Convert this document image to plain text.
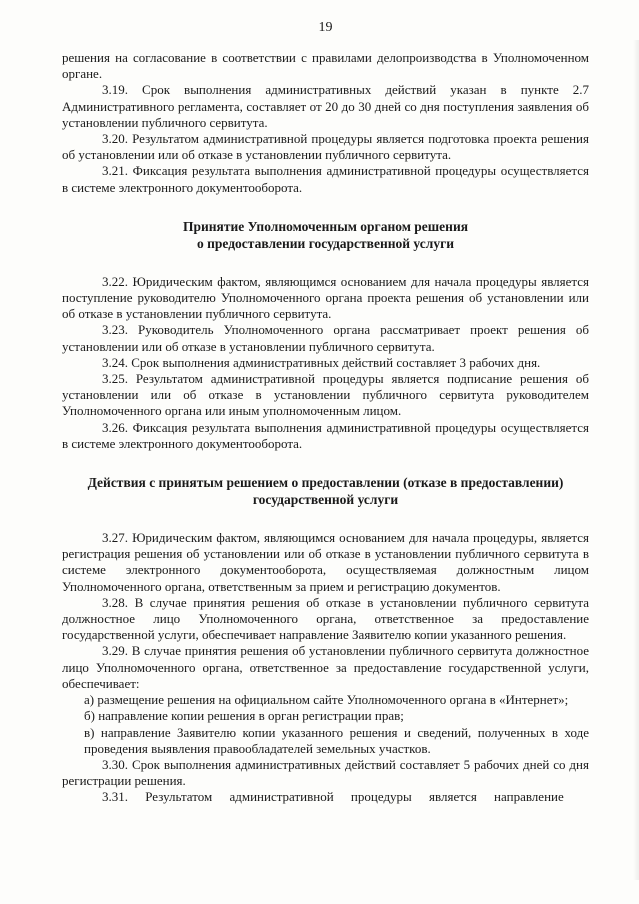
19

решения на согласование в соответствии с правилами делопроизводства в Уполномоченном органе.

3.19. Срок выполнения административных действий указан в пункте 2.7 Административного регламента, составляет от 20 до 30 дней со дня поступления заявления об установлении публичного сервитута.

3.20. Результатом административной процедуры является подготовка проекта решения об установлении или об отказе в установлении публичного сервитута.

3.21. Фиксация результата выполнения административной процедуры осуществляется в системе электронного документооборота.

Принятие Уполномоченным органом решения
о предоставлении государственной услуги

3.22. Юридическим фактом, являющимся основанием для начала процедуры является поступление руководителю Уполномоченного органа проекта решения об установлении или об отказе в установлении публичного сервитута.

3.23. Руководитель Уполномоченного органа рассматривает проект решения об установлении или об отказе в установлении публичного сервитута.

3.24. Срок выполнения административных действий составляет 3 рабочих дня.

3.25. Результатом административной процедуры является подписание решения об установлении или об отказе в установлении публичного сервитута руководителем Уполномоченного органа или иным уполномоченным лицом.

3.26. Фиксация результата выполнения административной процедуры осуществляется в системе электронного документооборота.

Действия с принятым решением о предоставлении (отказе в предоставлении)
государственной услуги

3.27. Юридическим фактом, являющимся основанием для начала процедуры, является регистрация решения об установлении или об отказе в установлении публичного сервитута в системе электронного документооборота, осуществляемая должностным лицом Уполномоченного органа, ответственным за прием и регистрацию документов.

3.28. В случае принятия решения об отказе в установлении публичного сервитута должностное лицо Уполномоченного органа, ответственное за предоставление государственной услуги, обеспечивает направление Заявителю копии указанного решения.

3.29. В случае принятия решения об установлении публичного сервитута должностное лицо Уполномоченного органа, ответственное за предоставление государственной услуги, обеспечивает:

а) размещение решения на официальном сайте Уполномоченного органа в «Интернет»;

б) направление копии решения в орган регистрации прав;

в) направление Заявителю копии указанного решения и сведений, полученных в ходе проведения выявления правообладателей земельных участков.

3.30. Срок выполнения административных действий составляет 5 рабочих дней со дня регистрации решения.

3.31. Результатом административной процедуры является направление
